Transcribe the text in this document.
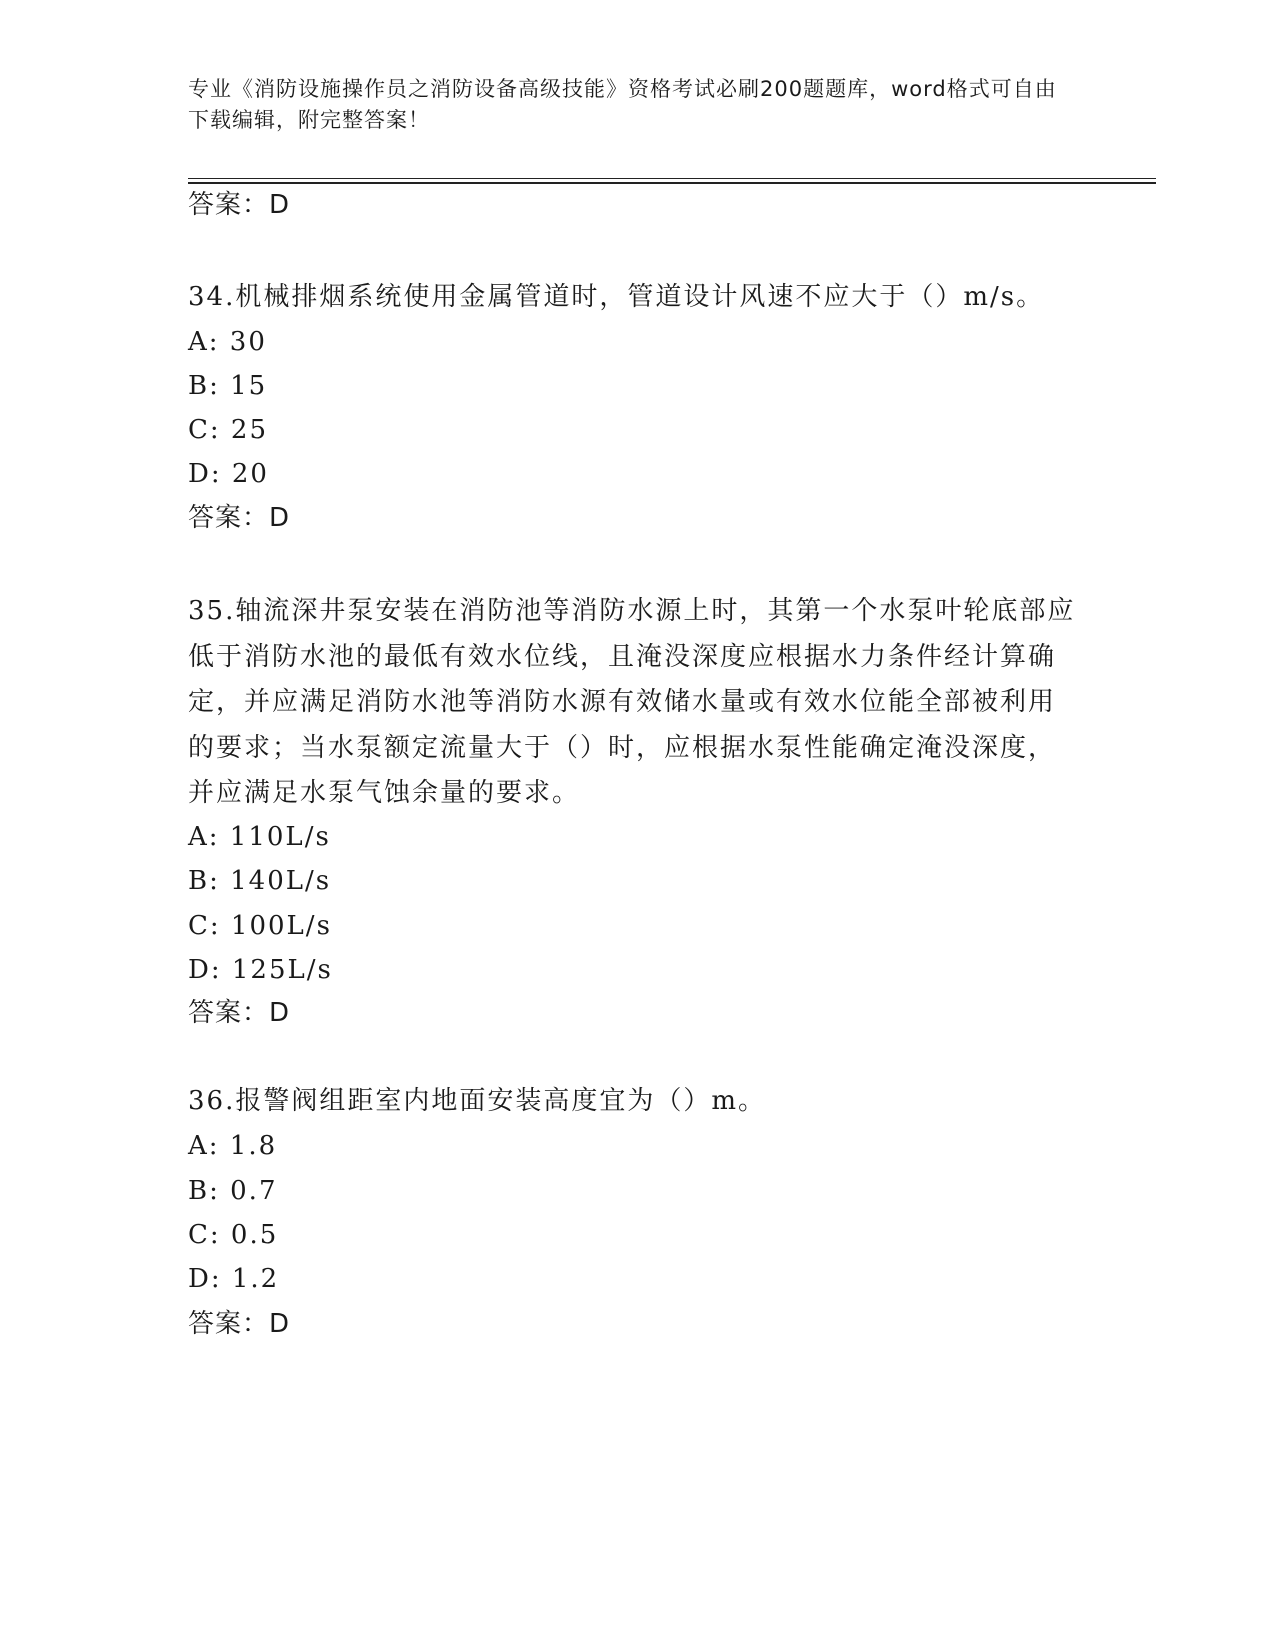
专业《消防设施操作员之消防设备高级技能》资格考试必刷200题题库，word格式可自由下载编辑，附完整答案！
答案：D
34.机械排烟系统使用金属管道时，管道设计风速不应大于（）m/s。
A: 30
B: 15
C: 25
D: 20
答案：D
35.轴流深井泵安装在消防池等消防水源上时，其第一个水泵叶轮底部应低于消防水池的最低有效水位线，且淹没深度应根据水力条件经计算确定，并应满足消防水池等消防水源有效储水量或有效水位能全部被利用的要求；当水泵额定流量大于（）时，应根据水泵性能确定淹没深度，并应满足水泵气蚀余量的要求。
A: 110L/s
B: 140L/s
C: 100L/s
D: 125L/s
答案：D
36.报警阀组距室内地面安装高度宜为（）m。
A: 1.8
B: 0.7
C: 0.5
D: 1.2
答案：D
